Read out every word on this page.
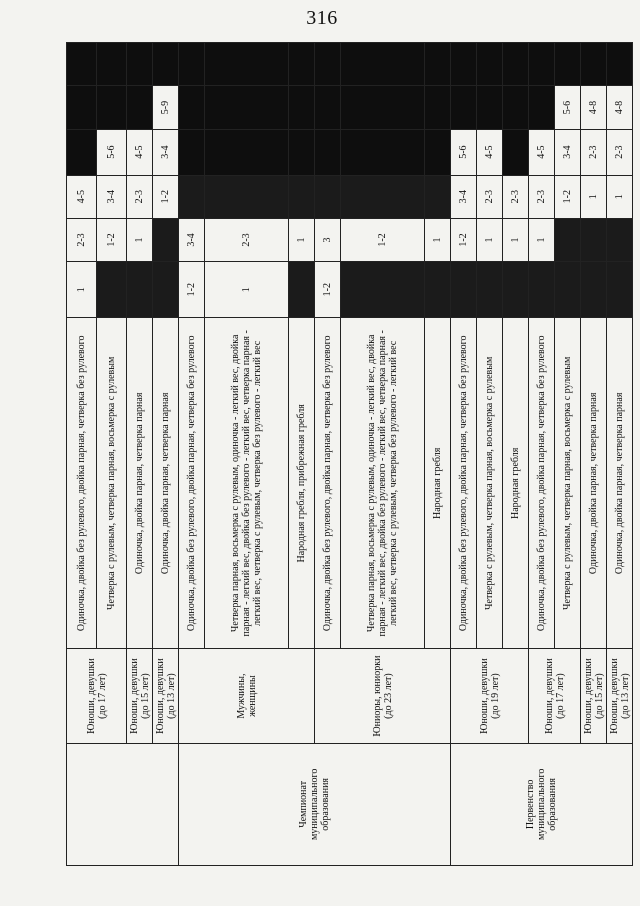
316
	Юноши, девушки (до 17 лет)	Одиночка, двойка без рулевого, двойка парная, четверка без рулевого	1	2-3	4-5			
		Четверка с рулевым, четверка парная, восьмерка с рулевым		1-2	3-4	5-6		
	Юноши, девушки (до 15 лет)	Одиночка, двойка парная, четверка парная		1	2-3	4-5		
	Юноши, девушки (до 13 лет)	Одиночка, двойка парная, четверка парная			1-2	3-4	5-9	
Чемпионат муниципального образования	Мужчины, женщины	Одиночка, двойка без рулевого, двойка парная, четверка без рулевого	1-2	3-4				
		Четверка парная, восьмерка с рулевым, одиночка - легкий вес, двойка парная - легкий вес, двойка без рулевого - легкий вес, четверка парная - легкий вес, четверка с рулевым, четверка без рулевого - легкий вес	1	2-3				
		Народная гребля, прибрежная гребля		1				
	Юниоры, юниорки (до 23 лет)	Одиночка, двойка без рулевого, двойка парная, четверка без рулевого	1-2	3				
		Четверка парная, восьмерка с рулевым, одиночка - легкий вес, двойка парная - легкий вес, двойка без рулевого - легкий вес, четверка парная - легкий вес, четверка с рулевым, четверка без рулевого - легкий вес		1-2				
		Народная гребля		1				
Первенство муниципального образования	Юноши, девушки (до 19 лет)	Одиночка, двойка без рулевого, двойка парная, четверка без рулевого		1-2	3-4	5-6		
		Четверка с рулевым, четверка парная, восьмерка с рулевым		1	2-3	4-5		
		Народная гребля		1	2-3			
	Юноши, девушки (до 17 лет)	Одиночка, двойка без рулевого, двойка парная, четверка без рулевого		1	2-3	4-5		
		Четверка с рулевым, четверка парная, восьмерка с рулевым			1-2	3-4	5-6	
	Юноши, девушки (до 15 лет)	Одиночка, двойка парная, четверка парная			1	2-3	4-8	
	Юноши, девушки (до 13 лет)	Одиночка, двойка парная, четверка парная			1	2-3	4-8	
